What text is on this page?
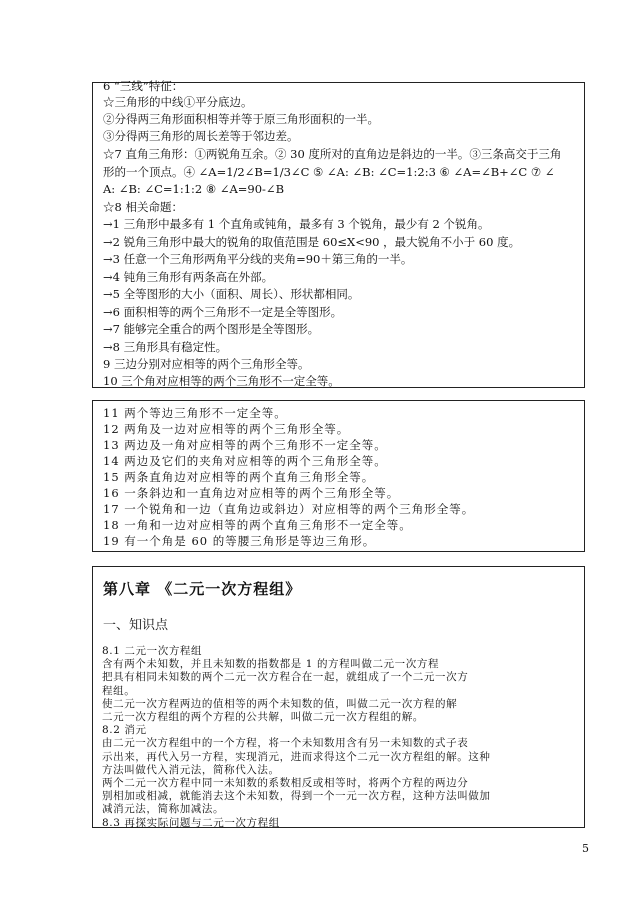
6 “三线”特征：
☆三角形的中线①平分底边。
②分得两三角形面积相等并等于原三角形面积的一半。
③分得两三角形的周长差等于邻边差。
☆7 直角三角形：①两锐角互余。② 30 度所对的直角边是斜边的一半。③三条高交于三角
形的一个顶点。④ ∠A=1/2∠B=1/3∠C ⑤ ∠A: ∠B: ∠C=1:2:3 ⑥ ∠A=∠B+∠C ⑦ ∠
A: ∠B: ∠C=1:1:2 ⑧ ∠A=90-∠B
☆8 相关命题：
→1 三角形中最多有 1 个直角或钝角，最多有 3 个锐角，最少有 2 个锐角。
→2 锐角三角形中最大的锐角的取值范围是 60≤X<90 ，最大锐角不小于 60 度。
→3 任意一个三角形两角平分线的夹角=90＋第三角的一半。
→4 钝角三角形有两条高在外部。
→5 全等图形的大小（面积、周长）、形状都相同。
→6 面积相等的两个三角形不一定是全等图形。
→7 能够完全重合的两个图形是全等图形。
→8 三角形具有稳定性。
9 三边分别对应相等的两个三角形全等。
10 三个角对应相等的两个三角形不一定全等。
11 两个等边三角形不一定全等。
12 两角及一边对应相等的两个三角形全等。
13 两边及一角对应相等的两个三角形不一定全等。
14 两边及它们的夹角对应相等的两个三角形全等。
15 两条直角边对应相等的两个直角三角形全等。
16 一条斜边和一直角边对应相等的两个三角形全等。
17 一个锐角和一边（直角边或斜边）对应相等的两个三角形全等。
18 一角和一边对应相等的两个直角三角形不一定全等。
19 有一个角是 60 的等腰三角形是等边三角形。
第八章 《二元一次方程组》
一、知识点
8.1 二元一次方程组
含有两个未知数，并且未知数的指数都是 1 的方程叫做二元一次方程
把具有相同未知数的两个二元一次方程合在一起，就组成了一个二元一次方
程组。
使二元一次方程两边的值相等的两个未知数的值，叫做二元一次方程的解
二元一次方程组的两个方程的公共解，叫做二元一次方程组的解。
8.2 消元
由二元一次方程组中的一个方程，将一个未知数用含有另一未知数的式子表
示出来，再代入另一方程，实现消元，进而求得这个二元一次方程组的解。这种
方法叫做代入消元法，简称代入法。
两个二元一次方程中同一未知数的系数相反或相等时，将两个方程的两边分
别相加或相减，就能消去这个未知数，得到一个一元一次方程，这种方法叫做加
减消元法，简称加减法。
8.3 再探实际问题与二元一次方程组
5
